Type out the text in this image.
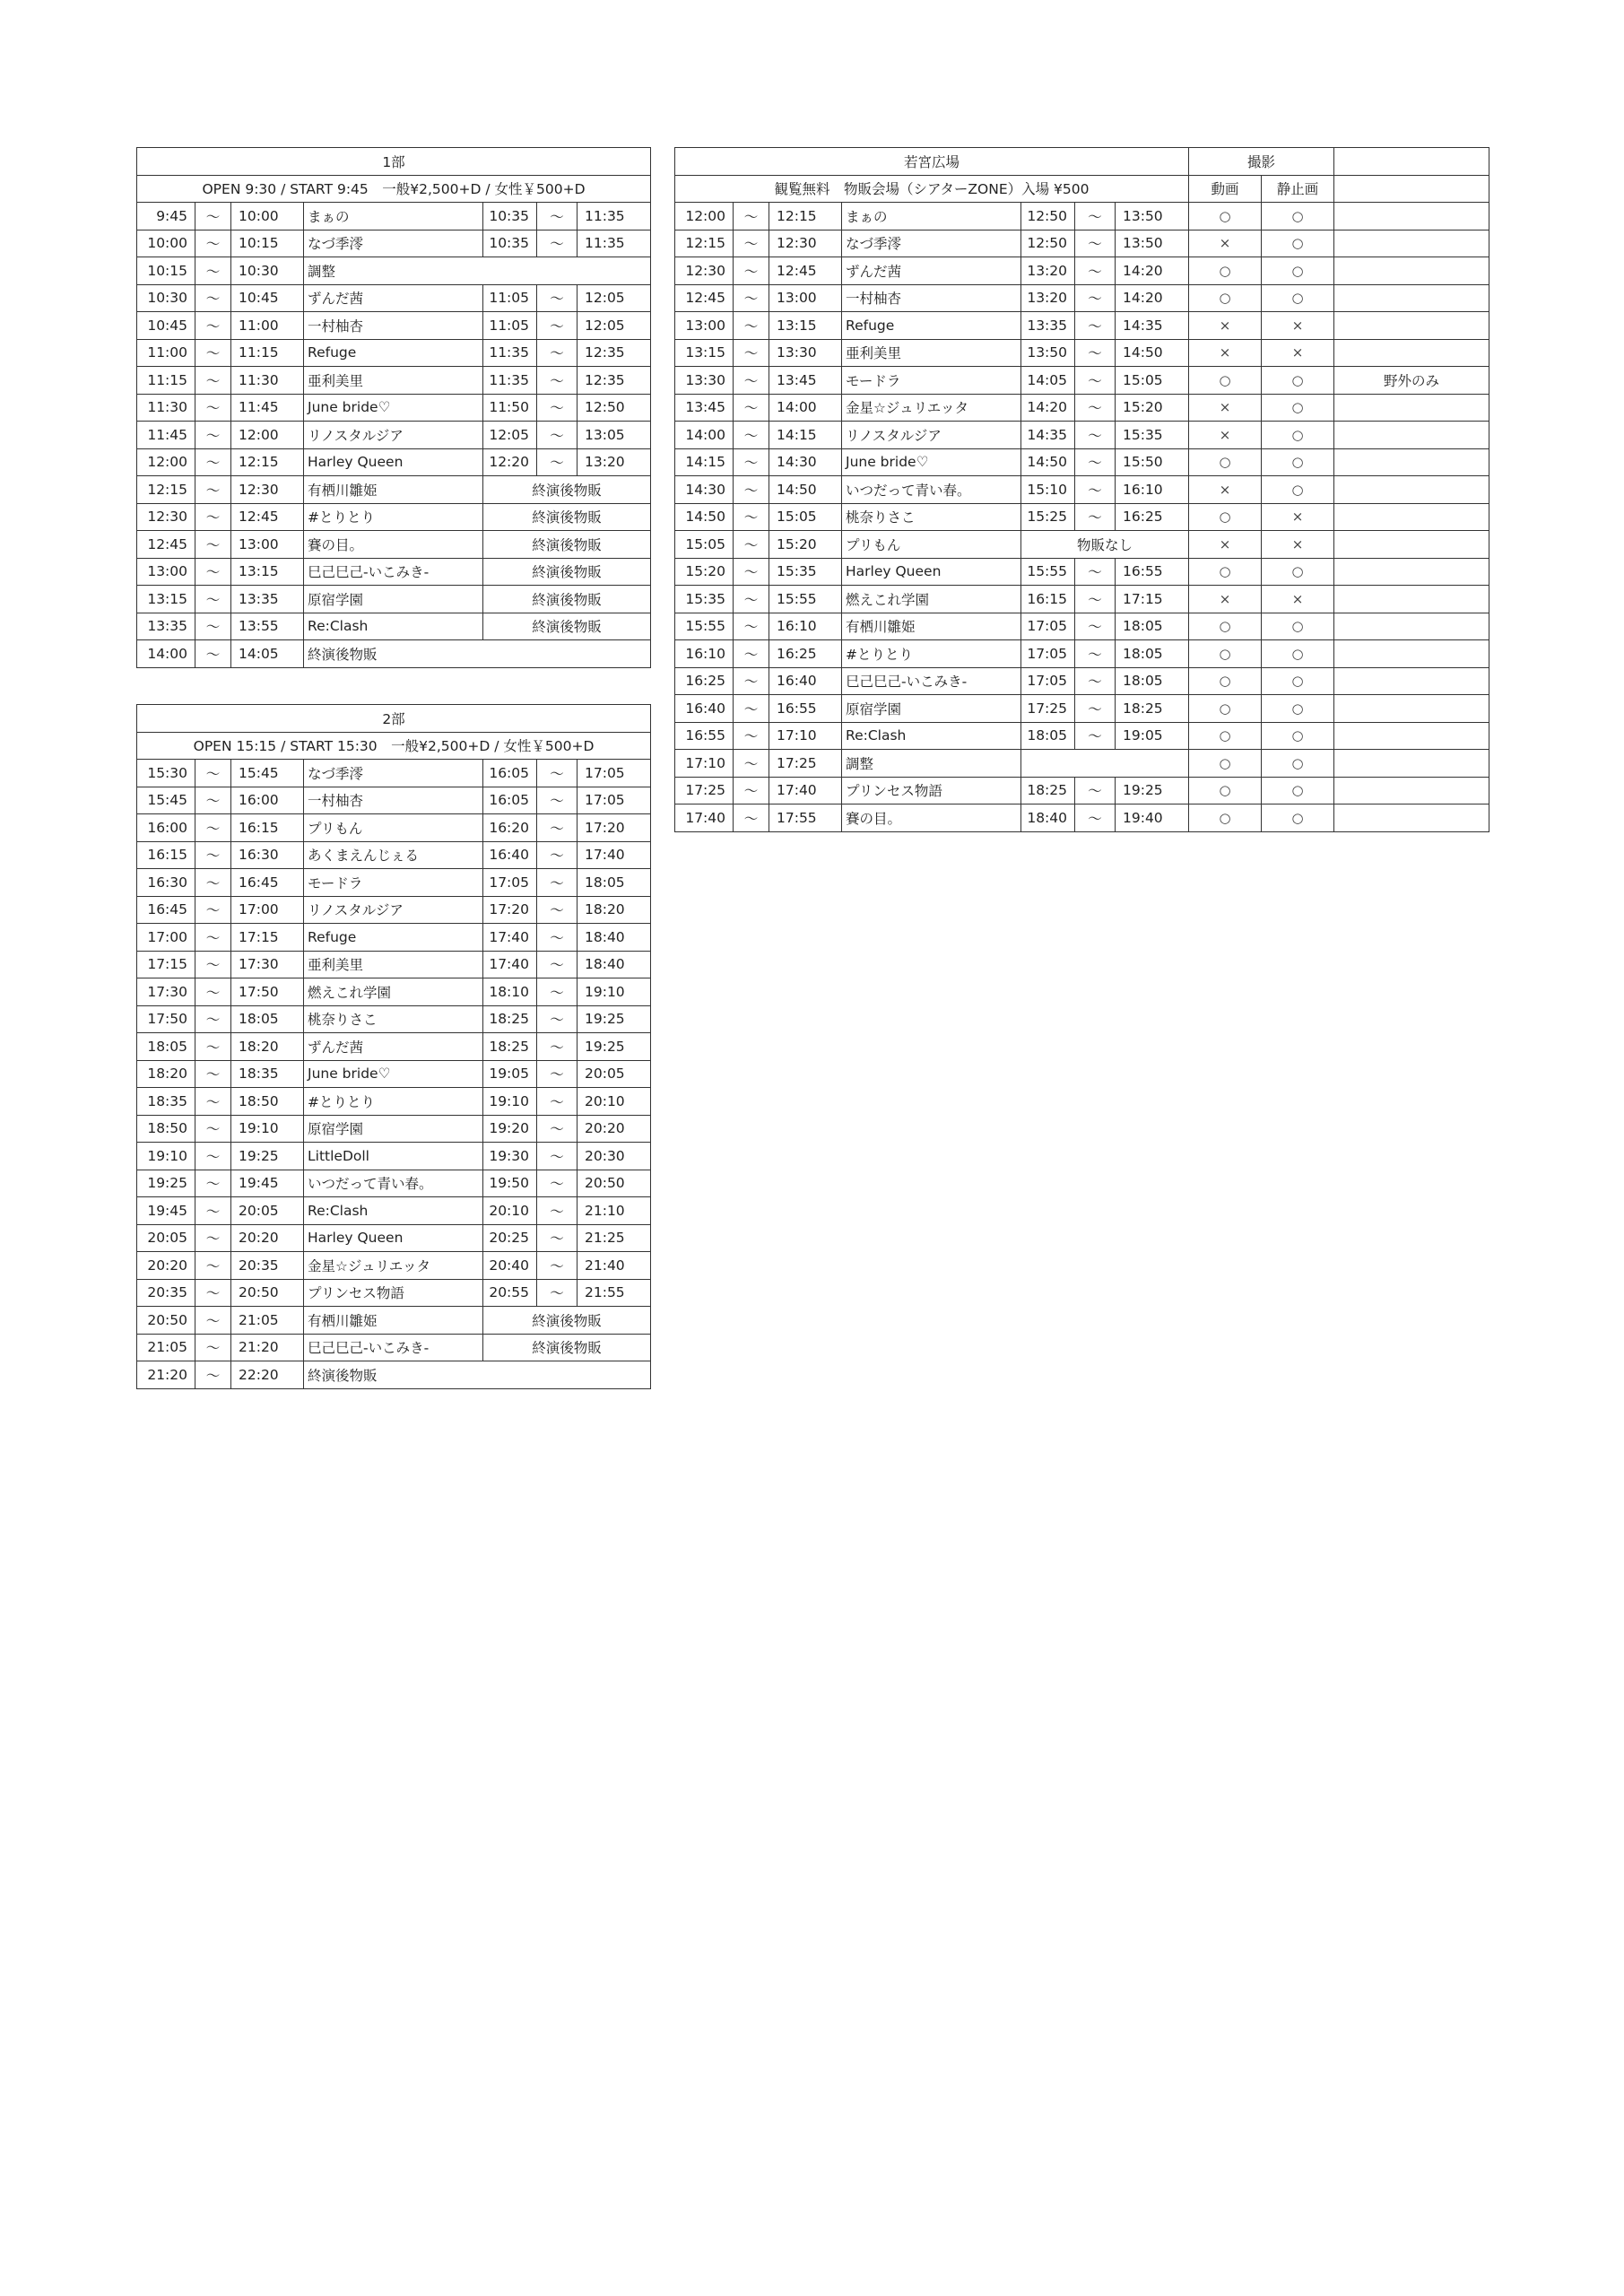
1部						
OPEN 9:30 / START 9:45　一般¥2,500+D / 女性￥500+D						
9:45	〜	10:00	まぁの	10:35	〜	11:35
10:00	〜	10:15	なづ季澪	10:35	〜	11:35
10:15	〜	10:30	調整			
10:30	〜	10:45	ずんだ茜	11:05	〜	12:05
10:45	〜	11:00	一村柚杏	11:05	〜	12:05
11:00	〜	11:15	Refuge	11:35	〜	12:35
11:15	〜	11:30	亜利美里	11:35	〜	12:35
11:30	〜	11:45	June bride♡	11:50	〜	12:50
11:45	〜	12:00	リノスタルジア	12:05	〜	13:05
12:00	〜	12:15	Harley Queen	12:20	〜	13:20
12:15	〜	12:30	有栖川雛姫	終演後物販		
12:30	〜	12:45	#とりとり	終演後物販		
12:45	〜	13:00	賽の目。	終演後物販		
13:00	〜	13:15	巳己巳己-いこみき-	終演後物販		
13:15	〜	13:35	原宿学園	終演後物販		
13:35	〜	13:55	Re:Clash	終演後物販		
14:00	〜	14:05	終演後物販			
2部						
OPEN 15:15 / START 15:30　一般¥2,500+D / 女性￥500+D						
15:30	〜	15:45	なづ季澪	16:05	〜	17:05
15:45	〜	16:00	一村柚杏	16:05	〜	17:05
16:00	〜	16:15	プリもん	16:20	〜	17:20
16:15	〜	16:30	あくまえんじぇる	16:40	〜	17:40
16:30	〜	16:45	モードラ	17:05	〜	18:05
16:45	〜	17:00	リノスタルジア	17:20	〜	18:20
17:00	〜	17:15	Refuge	17:40	〜	18:40
17:15	〜	17:30	亜利美里	17:40	〜	18:40
17:30	〜	17:50	燃えこれ学園	18:10	〜	19:10
17:50	〜	18:05	桃奈りさこ	18:25	〜	19:25
18:05	〜	18:20	ずんだ茜	18:25	〜	19:25
18:20	〜	18:35	June bride♡	19:05	〜	20:05
18:35	〜	18:50	#とりとり	19:10	〜	20:10
18:50	〜	19:10	原宿学園	19:20	〜	20:20
19:10	〜	19:25	LittleDoll	19:30	〜	20:30
19:25	〜	19:45	いつだって青い春。	19:50	〜	20:50
19:45	〜	20:05	Re:Clash	20:10	〜	21:10
20:05	〜	20:20	Harley Queen	20:25	〜	21:25
20:20	〜	20:35	金星☆ジュリエッタ	20:40	〜	21:40
20:35	〜	20:50	プリンセス物語	20:55	〜	21:55
20:50	〜	21:05	有栖川雛姫	終演後物販		
21:05	〜	21:20	巳己巳己-いこみき-	終演後物販		
21:20	〜	22:20	終演後物販			
若宮広場							撮影		
観覧無料　物販会場（シアターZONE）入場 ¥500							動画	静止画	
12:00	〜	12:15	まぁの	12:50	〜	13:50	○	○	
12:15	〜	12:30	なづ季澪	12:50	〜	13:50	×	○	
12:30	〜	12:45	ずんだ茜	13:20	〜	14:20	○	○	
12:45	〜	13:00	一村柚杏	13:20	〜	14:20	○	○	
13:00	〜	13:15	Refuge	13:35	〜	14:35	×	×	
13:15	〜	13:30	亜利美里	13:50	〜	14:50	×	×	
13:30	〜	13:45	モードラ	14:05	〜	15:05	○	○	野外のみ
13:45	〜	14:00	金星☆ジュリエッタ	14:20	〜	15:20	×	○	
14:00	〜	14:15	リノスタルジア	14:35	〜	15:35	×	○	
14:15	〜	14:30	June bride♡	14:50	〜	15:50	○	○	
14:30	〜	14:50	いつだって青い春。	15:10	〜	16:10	×	○	
14:50	〜	15:05	桃奈りさこ	15:25	〜	16:25	○	×	
15:05	〜	15:20	プリもん	物販なし			×	×	
15:20	〜	15:35	Harley Queen	15:55	〜	16:55	○	○	
15:35	〜	15:55	燃えこれ学園	16:15	〜	17:15	×	×	
15:55	〜	16:10	有栖川雛姫	17:05	〜	18:05	○	○	
16:10	〜	16:25	#とりとり	17:05	〜	18:05	○	○	
16:25	〜	16:40	巳己巳己-いこみき-	17:05	〜	18:05	○	○	
16:40	〜	16:55	原宿学園	17:25	〜	18:25	○	○	
16:55	〜	17:10	Re:Clash	18:05	〜	19:05	○	○	
17:10	〜	17:25	調整				○	○	
17:25	〜	17:40	プリンセス物語	18:25	〜	19:25	○	○	
17:40	〜	17:55	賽の目。	18:40	〜	19:40	○	○	
